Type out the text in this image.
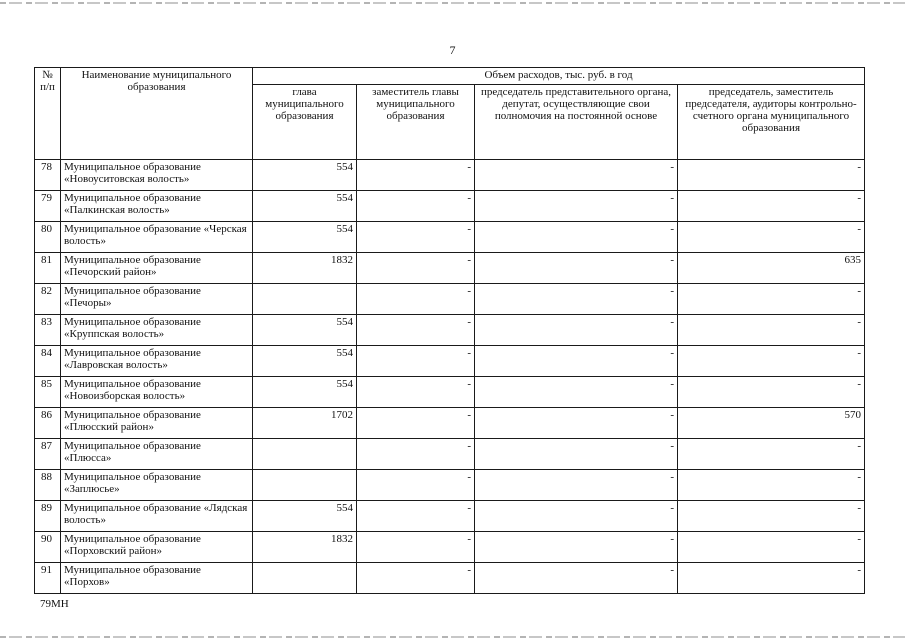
7
№ п/п	Наименование муниципального образования	Объем расходов, тыс. руб. в год			
		глава муниципального образования	заместитель главы муниципального образования	председатель представительного органа, депутат, осуществляющие свои полномочия на постоянной основе	председатель, заместитель председателя, аудиторы контрольно-счетного органа муниципального образования
78	Муниципальное образование «Новоуситовская волость»	554	-	-	-
79	Муниципальное образование «Палкинская волость»	554	-	-	-
80	Муниципальное образование «Черская волость»	554	-	-	-
81	Муниципальное образование «Печорский район»	1832	-	-	635
82	Муниципальное образование «Печоры»		-	-	-
83	Муниципальное образование «Круппская волость»	554	-	-	-
84	Муниципальное образование «Лавровская волость»	554	-	-	-
85	Муниципальное образование «Новоизборская волость»	554	-	-	-
86	Муниципальное образование «Плюсский район»	1702	-	-	570
87	Муниципальное образование «Плюсса»		-	-	-
88	Муниципальное образование «Заплюсье»		-	-	-
89	Муниципальное образование «Лядская волость»	554	-	-	-
90	Муниципальное образование «Порховский район»	1832	-	-	-
91	Муниципальное образование «Порхов»		-	-	-
79МН
